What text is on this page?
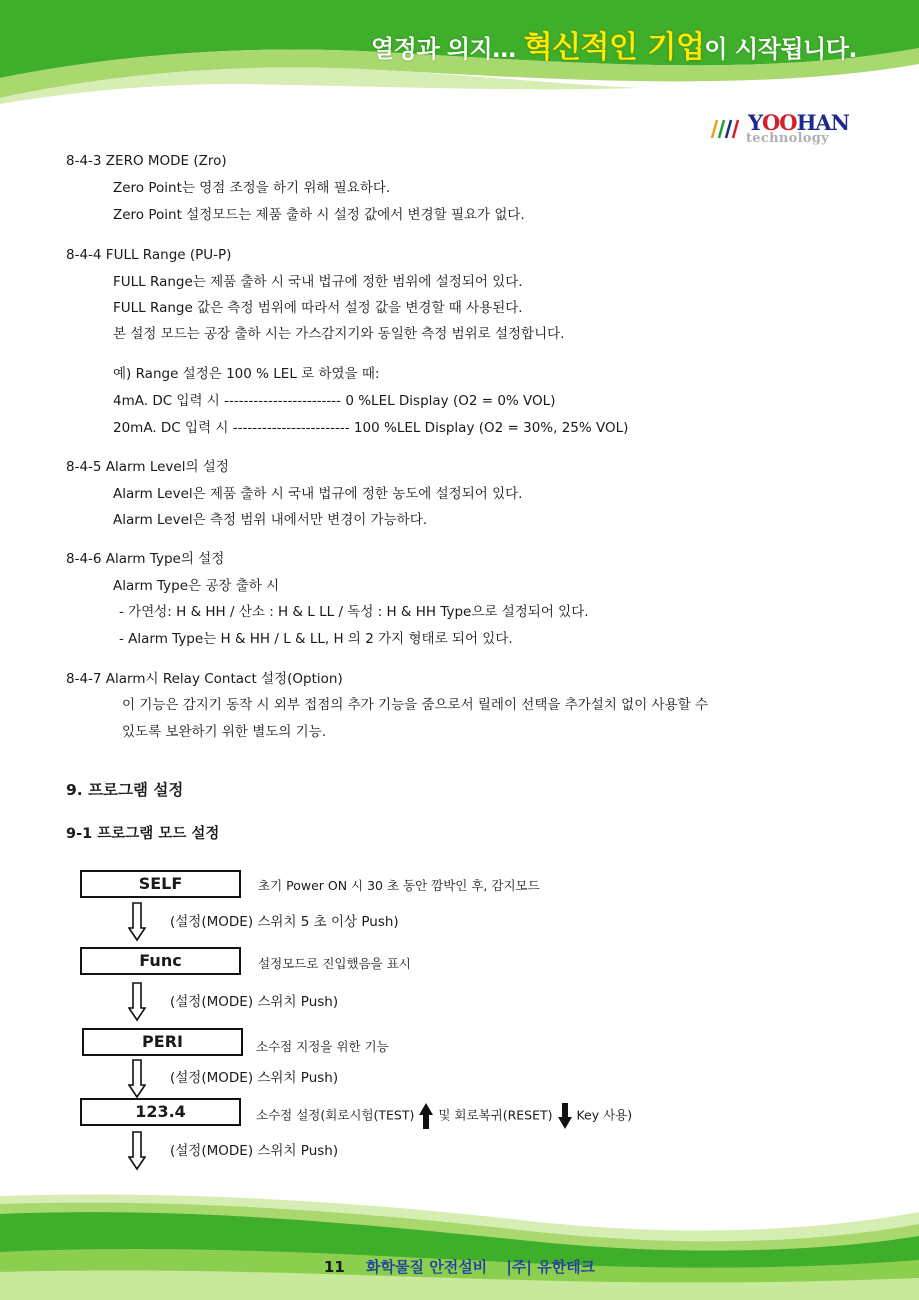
열정과 의지… 혁신적인 기업이 시작됩니다.
YOOHAN
technology
8-4-3 ZERO MODE (Zro)
Zero Point는 영점 조정을 하기 위해 필요하다.
Zero Point 설정모드는 제품 출하 시 설정 값에서 변경할 필요가 없다.
8-4-4 FULL Range (PU-P)
FULL Range는 제품 출하 시 국내 법규에 정한 범위에 설정되어 있다.
FULL Range 값은 측정 범위에 따라서 설정 값을 변경할 때 사용된다.
본 설정 모드는 공장 출하 시는 가스감지기와 동일한 측정 범위로 설정합니다.
예) Range 설정은 100 % LEL 로 하였을 때:
4mA. DC 입력 시 ------------------------ 0 %LEL Display (O2 = 0% VOL)
20mA. DC 입력 시 ------------------------ 100 %LEL Display (O2 = 30%, 25% VOL)
8-4-5 Alarm Level의 설정
Alarm Level은 제품 출하 시 국내 법규에 정한 농도에 설정되어 있다.
Alarm Level은 측정 범위 내에서만 변경이 가능하다.
8-4-6 Alarm Type의 설정
Alarm Type은 공장 출하 시
- 가연성: H & HH / 산소 : H & L LL / 독성 : H & HH Type으로 설정되어 있다.
- Alarm Type는 H & HH / L & LL, H 의 2 가지 형태로 되어 있다.
8-4-7 Alarm시 Relay Contact 설정(Option)
이 기능은 감지기 동작 시 외부 접점의 추가 기능을 줌으로서 릴레이 선택을 추가설치 없이 사용할 수
있도록 보완하기 위한 별도의 기능.
9. 프로그램 설정
9-1 프로그램 모드 설정
SELF	초기 Power ON 시 30 초 동안 깜박인 후, 감지모드
(설정(MODE) 스위치 5 초 이상 Push)
Func	설정모드로 진입했음을 표시
(설정(MODE) 스위치 Push)
PERI	소수점 지정을 위한 기능
(설정(MODE) 스위치 Push)
123.4	소수점 설정(회로시험(TEST) 및 회로복귀(RESET) Key 사용)
(설정(MODE) 스위치 Push)
11 화학물질 안전설비 |주| 유한테크
